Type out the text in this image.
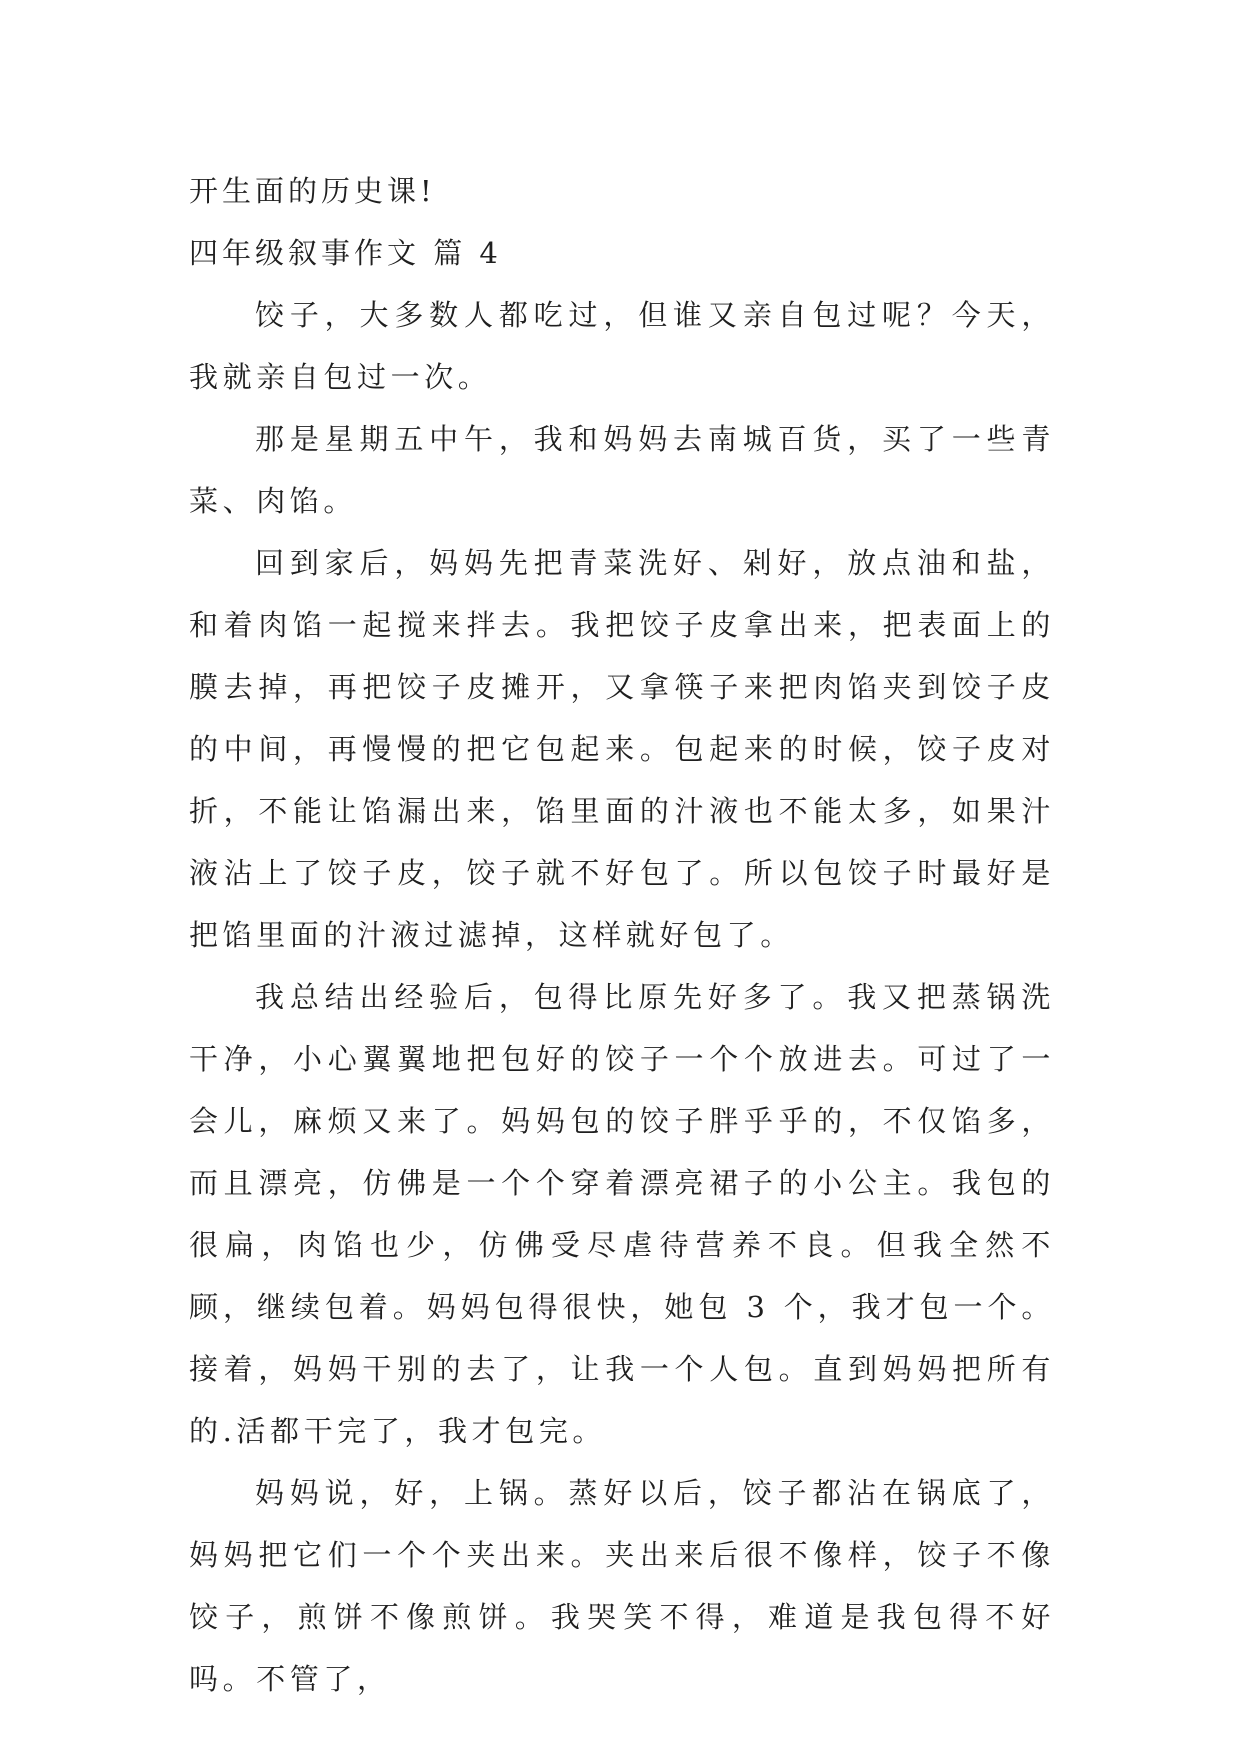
开生面的历史课!

四年级叙事作文 篇 4

饺子，大多数人都吃过，但谁又亲自包过呢？今天，我就亲自包过一次。

那是星期五中午，我和妈妈去南城百货，买了一些青菜、肉馅。

回到家后，妈妈先把青菜洗好、剁好，放点油和盐，和着肉馅一起搅来拌去。我把饺子皮拿出来，把表面上的膜去掉，再把饺子皮摊开，又拿筷子来把肉馅夹到饺子皮的中间，再慢慢的把它包起来。包起来的时候，饺子皮对折，不能让馅漏出来，馅里面的汁液也不能太多，如果汁液沾上了饺子皮，饺子就不好包了。所以包饺子时最好是把馅里面的汁液过滤掉，这样就好包了。

我总结出经验后，包得比原先好多了。我又把蒸锅洗干净，小心翼翼地把包好的饺子一个个放进去。可过了一会儿，麻烦又来了。妈妈包的饺子胖乎乎的，不仅馅多，而且漂亮，仿佛是一个个穿着漂亮裙子的小公主。我包的很扁，肉馅也少，仿佛受尽虐待营养不良。但我全然不顾，继续包着。妈妈包得很快，她包 3 个，我才包一个。接着，妈妈干别的去了，让我一个人包。直到妈妈把所有的.活都干完了，我才包完。

妈妈说，好，上锅。蒸好以后，饺子都沾在锅底了，妈妈把它们一个个夹出来。夹出来后很不像样，饺子不像饺子，煎饼不像煎饼。我哭笑不得，难道是我包得不好吗。不管了，
